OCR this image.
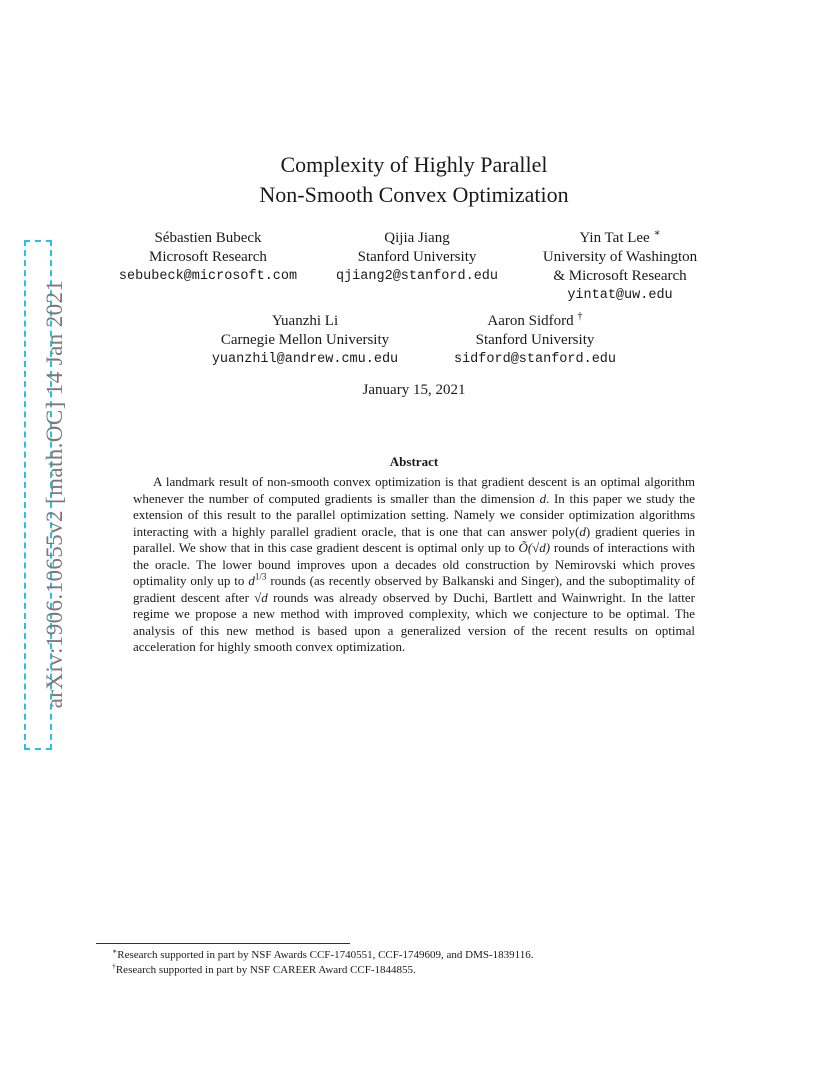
arXiv:1906.10655v2 [math.OC] 14 Jan 2021
Complexity of Highly Parallel
Non-Smooth Convex Optimization
Sébastien Bubeck
Microsoft Research
sebubeck@microsoft.com
Qijia Jiang
Stanford University
qjiang2@stanford.edu
Yin Tat Lee ∗
University of Washington
& Microsoft Research
yintat@uw.edu
Yuanzhi Li
Carnegie Mellon University
yuanzhil@andrew.cmu.edu
Aaron Sidford †
Stanford University
sidford@stanford.edu
January 15, 2021
Abstract
A landmark result of non-smooth convex optimization is that gradient descent is an optimal algorithm whenever the number of computed gradients is smaller than the dimension d. In this paper we study the extension of this result to the parallel optimization setting. Namely we consider optimization algorithms interacting with a highly parallel gradient oracle, that is one that can answer poly(d) gradient queries in parallel. We show that in this case gradient descent is optimal only up to Õ(√d) rounds of interactions with the oracle. The lower bound improves upon a decades old construction by Nemirovski which proves optimality only up to $d^{1/3}$ rounds (as recently observed by Balkanski and Singer), and the suboptimality of gradient descent after √d rounds was already observed by Duchi, Bartlett and Wainwright. In the latter regime we propose a new method with improved complexity, which we conjecture to be optimal. The analysis of this new method is based upon a generalized version of the recent results on optimal acceleration for highly smooth convex optimization.
∗Research supported in part by NSF Awards CCF-1740551, CCF-1749609, and DMS-1839116.
†Research supported in part by NSF CAREER Award CCF-1844855.
